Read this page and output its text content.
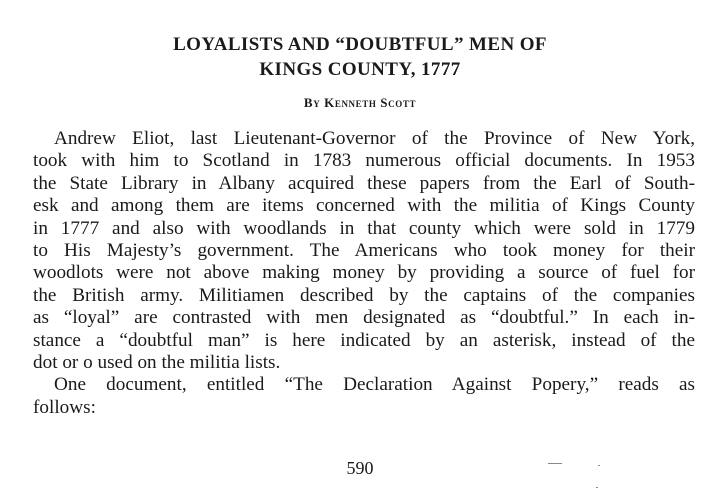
LOYALISTS AND “DOUBTFUL” MEN OF
KINGS COUNTY, 1777
By Kenneth Scott
Andrew Eliot, last Lieutenant-Governor of the Province of New York,
took with him to Scotland in 1783 numerous official documents. In 1953
the State Library in Albany acquired these papers from the Earl of South-
esk and among them are items concerned with the militia of Kings County
in 1777 and also with woodlands in that county which were sold in 1779
to His Majesty’s government. The Americans who took money for their
woodlots were not above making money by providing a source of fuel for
the British army. Militiamen described by the captains of the companies
as “loyal” are contrasted with men designated as “doubtful.” In each in-
stance a “doubtful man” is here indicated by an asterisk, instead of the
dot or o used on the militia lists.
One document, entitled “The Declaration Against Popery,” reads as
follows:
590
